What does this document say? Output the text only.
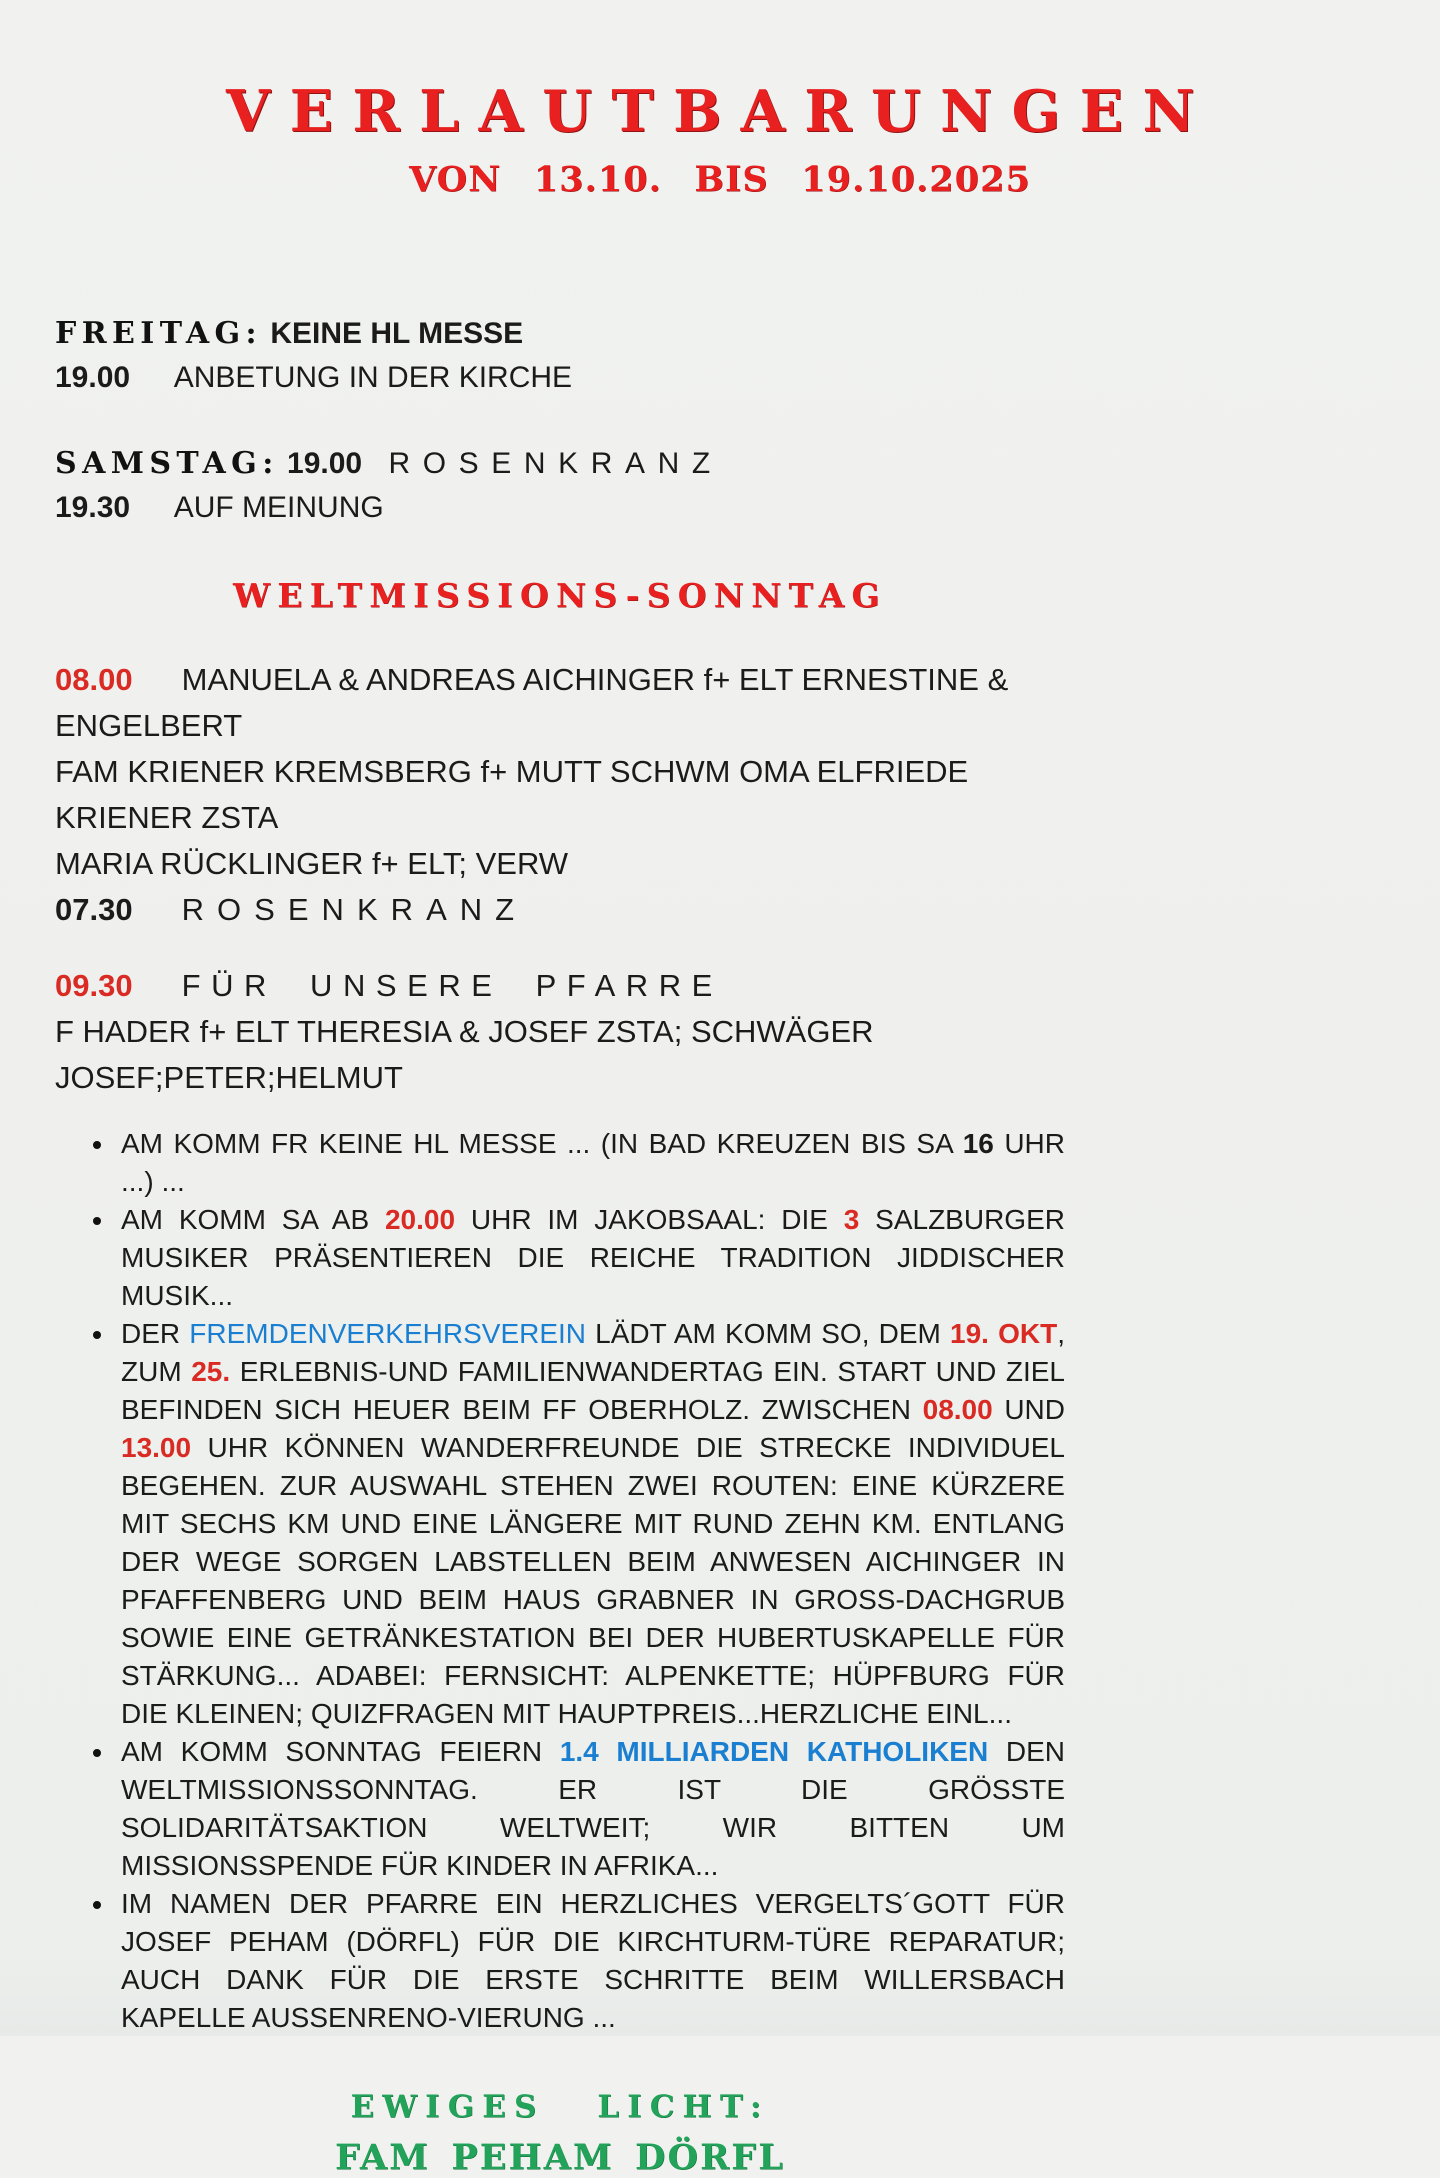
VERLAUTBARUNGEN
VON 13.10. BIS 19.10.2025
FREITAG: KEINE HL MESSE
19.00 ANBETUNG IN DER KIRCHE
SAMSTAG: 19.00 ROSENKRANZ
19.30 AUF MEINUNG
WELTMISSIONS-SONNTAG
08.00 MANUELA & ANDREAS AICHINGER f+ ELT ERNESTINE & ENGELBERT
FAM KRIENER KREMSBERG f+ MUTT SCHWM OMA ELFRIEDE KRIENER ZSTA
MARIA RÜCKLINGER f+ ELT; VERW
07.30 ROSENKRANZ
09.30 FÜR UNSERE PFARRE
F HADER f+ ELT THERESIA & JOSEF ZSTA; SCHWÄGER JOSEF;PETER;HELMUT
AM KOMM FR KEINE HL MESSE ... (IN BAD KREUZEN BIS SA 16 UHR ...) ...
AM KOMM SA AB 20.00 UHR IM JAKOBSAAL: DIE 3 SALZBURGER MUSIKER PRÄSENTIEREN DIE REICHE TRADITION JIDDISCHER MUSIK...
DER FREMDENVERKEHRSVEREIN LÄDT AM KOMM SO, DEM 19. OKT, ZUM 25. ERLEBNIS-UND FAMILIENWANDERTAG EIN. START UND ZIEL BEFINDEN SICH HEUER BEIM FF OBERHOLZ. ZWISCHEN 08.00 UND 13.00 UHR KÖNNEN WANDERFREUNDE DIE STRECKE INDIVIDUEL BEGEHEN. ZUR AUSWAHL STEHEN ZWEI ROUTEN: EINE KÜRZERE MIT SECHS KM UND EINE LÄNGERE MIT RUND ZEHN KM. ENTLANG DER WEGE SORGEN LABSTELLEN BEIM ANWESEN AICHINGER IN PFAFFENBERG UND BEIM HAUS GRABNER IN GROSS-DACHGRUB SOWIE EINE GETRÄNKESTATION BEI DER HUBERTUSKAPELLE FÜR STÄRKUNG... ADABEI: FERNSICHT: ALPENKETTE; HÜPFBURG FÜR DIE KLEINEN; QUIZFRAGEN MIT HAUPTPREIS...HERZLICHE EINL...
AM KOMM SONNTAG FEIERN 1.4 MILLIARDEN KATHOLIKEN DEN WELTMISSIONSSONNTAG. ER IST DIE GRÖSSTE SOLIDARITÄTSAKTION WELTWEIT; WIR BITTEN UM MISSIONSSPENDE FÜR KINDER IN AFRIKA...
IM NAMEN DER PFARRE EIN HERZLICHES VERGELTS´GOTT FÜR JOSEF PEHAM (DÖRFL) FÜR DIE KIRCHTURM-TÜRE REPARATUR; AUCH DANK FÜR DIE ERSTE SCHRITTE BEIM WILLERSBACH KAPELLE AUSSENRENO-VIERUNG ...
EWIGES LICHT:
FAM PEHAM DÖRFL
